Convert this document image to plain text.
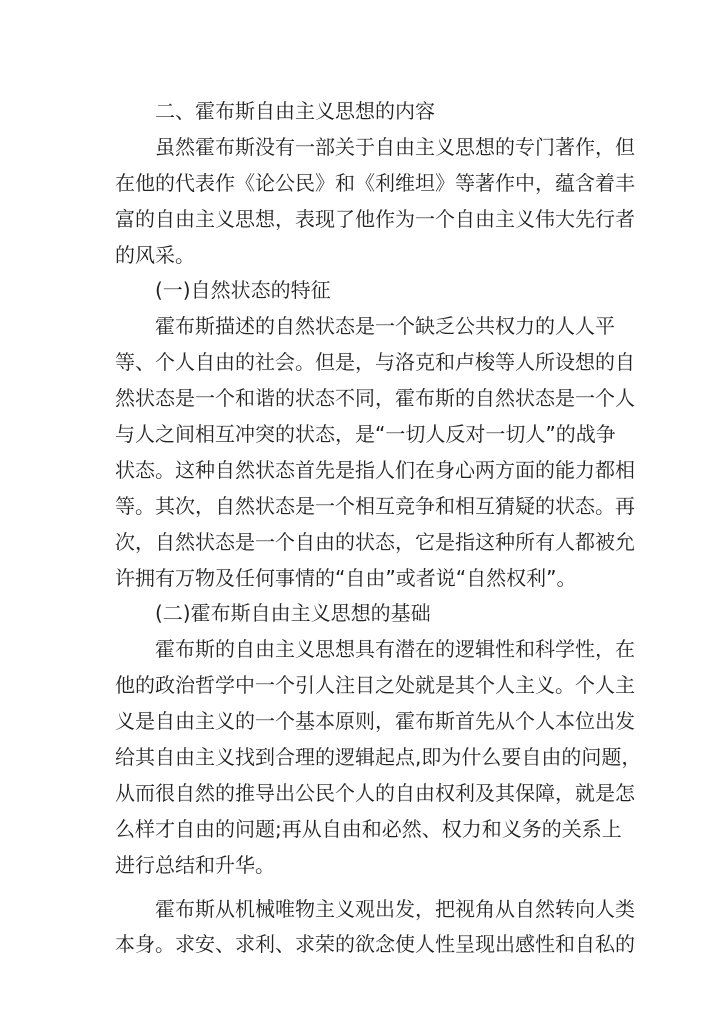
二、霍布斯自由主义思想的内容
虽然霍布斯没有一部关于自由主义思想的专门著作，但
在他的代表作《论公民》和《利维坦》等著作中，蕴含着丰
富的自由主义思想，表现了他作为一个自由主义伟大先行者
的风采。
(一)自然状态的特征
霍布斯描述的自然状态是一个缺乏公共权力的人人平
等、个人自由的社会。但是，与洛克和卢梭等人所设想的自
然状态是一个和谐的状态不同，霍布斯的自然状态是一个人
与人之间相互冲突的状态，是“一切人反对一切人”的战争
状态。这种自然状态首先是指人们在身心两方面的能力都相
等。其次，自然状态是一个相互竞争和相互猜疑的状态。再
次，自然状态是一个自由的状态，它是指这种所有人都被允
许拥有万物及任何事情的“自由”或者说“自然权利”。
(二)霍布斯自由主义思想的基础
霍布斯的自由主义思想具有潜在的逻辑性和科学性，在
他的政治哲学中一个引人注目之处就是其个人主义。个人主
义是自由主义的一个基本原则，霍布斯首先从个人本位出发
给其自由主义找到合理的逻辑起点,即为什么要自由的问题，
从而很自然的推导出公民个人的自由权利及其保障，就是怎
么样才自由的问题;再从自由和必然、权力和义务的关系上
进行总结和升华。
霍布斯从机械唯物主义观出发，把视角从自然转向人类
本身。求安、求利、求荣的欲念使人性呈现出感性和自私的
